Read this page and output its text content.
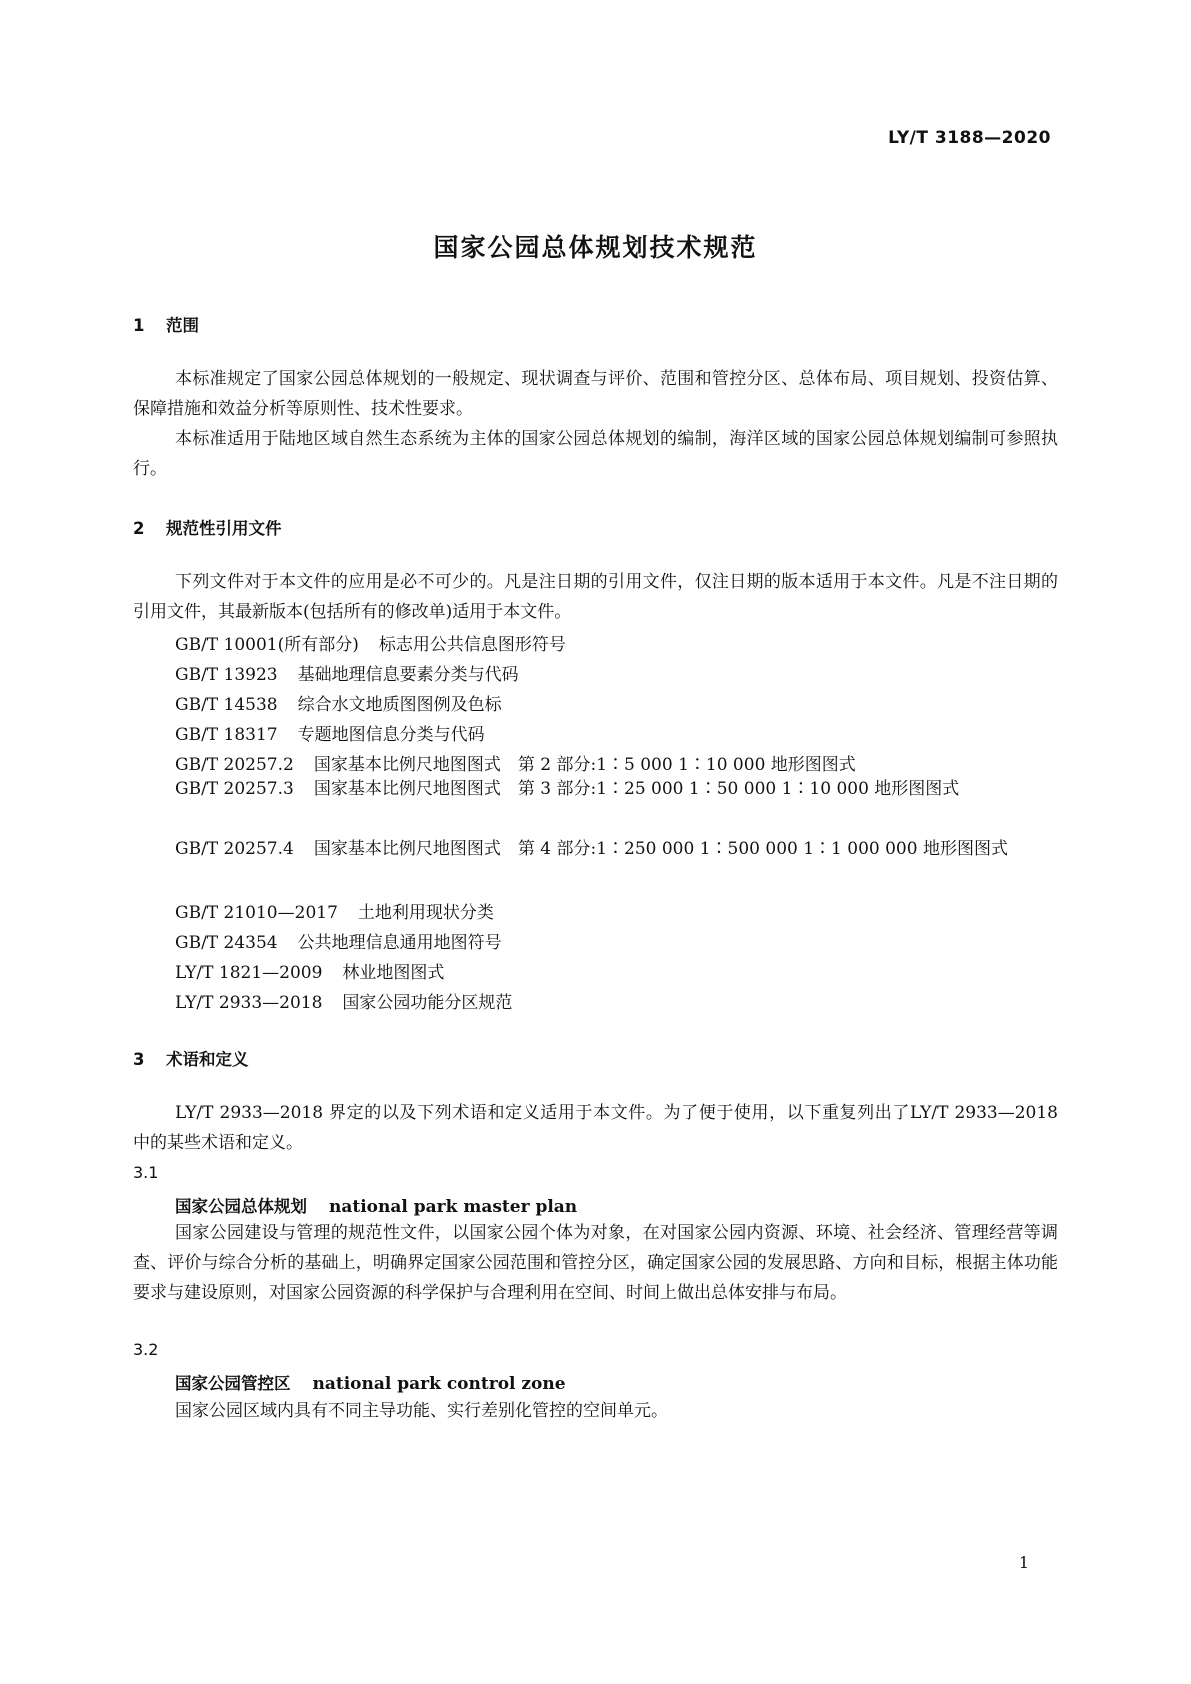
LY/T 3188—2020
国家公园总体规划技术规范
1 范围
本标准规定了国家公园总体规划的一般规定、现状调查与评价、范围和管控分区、总体布局、项目规划、投资估算、保障措施和效益分析等原则性、技术性要求。
本标准适用于陆地区域自然生态系统为主体的国家公园总体规划的编制，海洋区域的国家公园总体规划编制可参照执行。
2 规范性引用文件
下列文件对于本文件的应用是必不可少的。凡是注日期的引用文件，仅注日期的版本适用于本文件。凡是不注日期的引用文件，其最新版本(包括所有的修改单)适用于本文件。
GB/T 10001(所有部分) 标志用公共信息图形符号
GB/T 13923 基础地理信息要素分类与代码
GB/T 14538 综合水文地质图图例及色标
GB/T 18317 专题地图信息分类与代码
GB/T 20257.2 国家基本比例尺地图图式　第 2 部分:1∶5 000 1∶10 000 地形图图式
GB/T 20257.3 国家基本比例尺地图图式　第 3 部分:1∶25 000 1∶50 000 1∶10 000 地形图图式
GB/T 20257.4 国家基本比例尺地图图式　第 4 部分:1∶250 000 1∶500 000 1∶1 000 000 地形图图式
GB/T 21010—2017 土地利用现状分类
GB/T 24354 公共地理信息通用地图符号
LY/T 1821—2009 林业地图图式
LY/T 2933—2018 国家公园功能分区规范
3 术语和定义
LY/T 2933—2018 界定的以及下列术语和定义适用于本文件。为了便于使用，以下重复列出了LY/T 2933—2018 中的某些术语和定义。
3.1
国家公园总体规划 national park master plan
国家公园建设与管理的规范性文件，以国家公园个体为对象，在对国家公园内资源、环境、社会经济、管理经营等调查、评价与综合分析的基础上，明确界定国家公园范围和管控分区，确定国家公园的发展思路、方向和目标，根据主体功能要求与建设原则，对国家公园资源的科学保护与合理利用在空间、时间上做出总体安排与布局。
3.2
国家公园管控区 national park control zone
国家公园区域内具有不同主导功能、实行差别化管控的空间单元。
1
